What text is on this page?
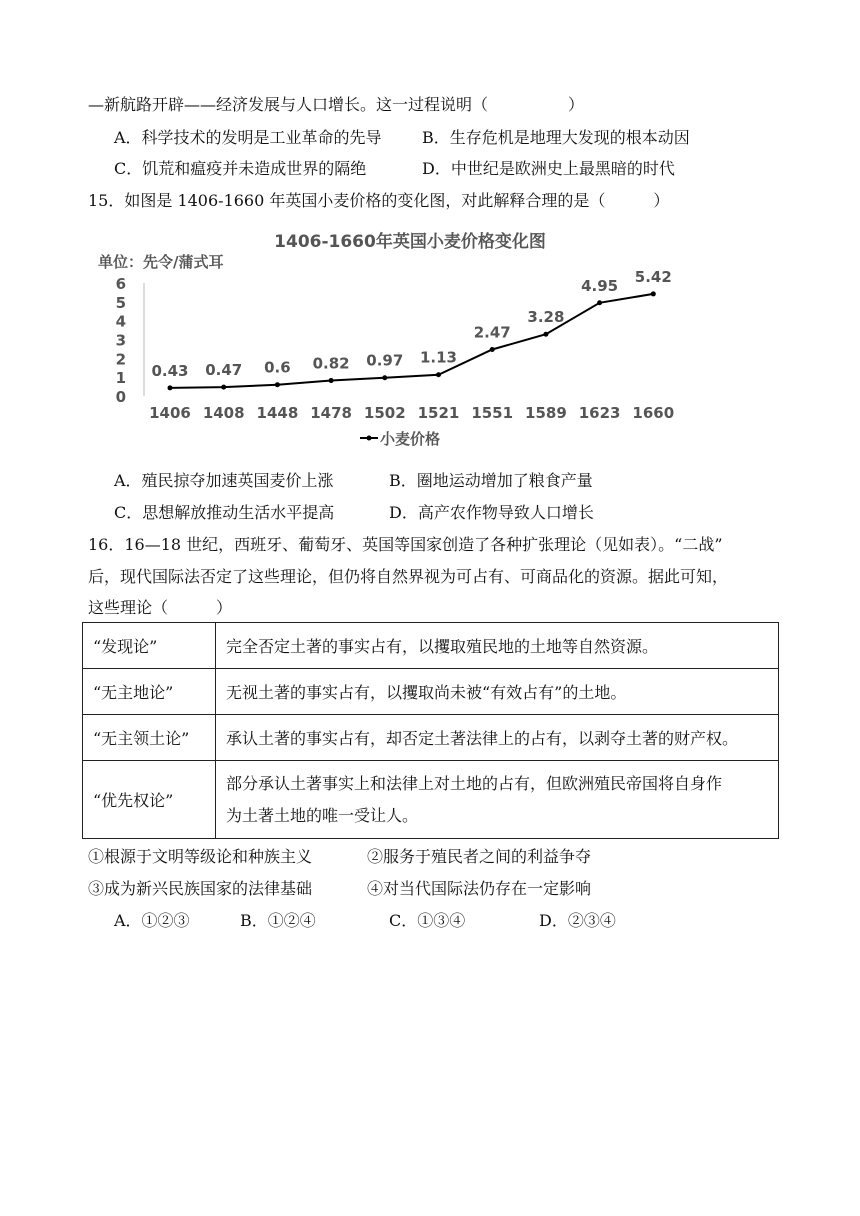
—新航路开辟——经济发展与人口增长。这一过程说明（　　　　　）
A．科学技术的发明是工业革命的先导	B．生存危机是地理大发现的根本动因
C．饥荒和瘟疫并未造成世界的隔绝	D．中世纪是欧洲史上最黑暗的时代
15．如图是 1406-1660 年英国小麦价格的变化图，对此解释合理的是（　　　）
1406-1660年英国小麦价格变化图
单位：先令/蒲式耳
0
1
2
3
4
5
6
0.43 0.47 0.6 0.82 0.97 1.13
2.47
3.28
4.95 5.42
1406 1408 1448 1478 1502 1521 1551 1589 1623 1660
小麦价格
A．殖民掠夺加速英国麦价上涨	B．圈地运动增加了粮食产量
C．思想解放推动生活水平提高	D．高产农作物导致人口增长
16．16—18 世纪，西班牙、葡萄牙、英国等国家创造了各种扩张理论（见如表）。“二战”
后，现代国际法否定了这些理论，但仍将自然界视为可占有、可商品化的资源。据此可知，
这些理论（　　　）
“发现论”	完全否定土著的事实占有，以攫取殖民地的土地等自然资源。
“无主地论”	无视土著的事实占有，以攫取尚未被“有效占有”的土地。
“无主领土论”	承认土著的事实占有，却否定土著法律上的占有，以剥夺土著的财产权。
“优先权论”	部分承认土著事实上和法律上对土地的占有，但欧洲殖民帝国将自身作
为土著土地的唯一受让人。
①根源于文明等级论和种族主义	②服务于殖民者之间的利益争夺
③成为新兴民族国家的法律基础	④对当代国际法仍存在一定影响
A．①②③	B．①②④	C．①③④	D．②③④
